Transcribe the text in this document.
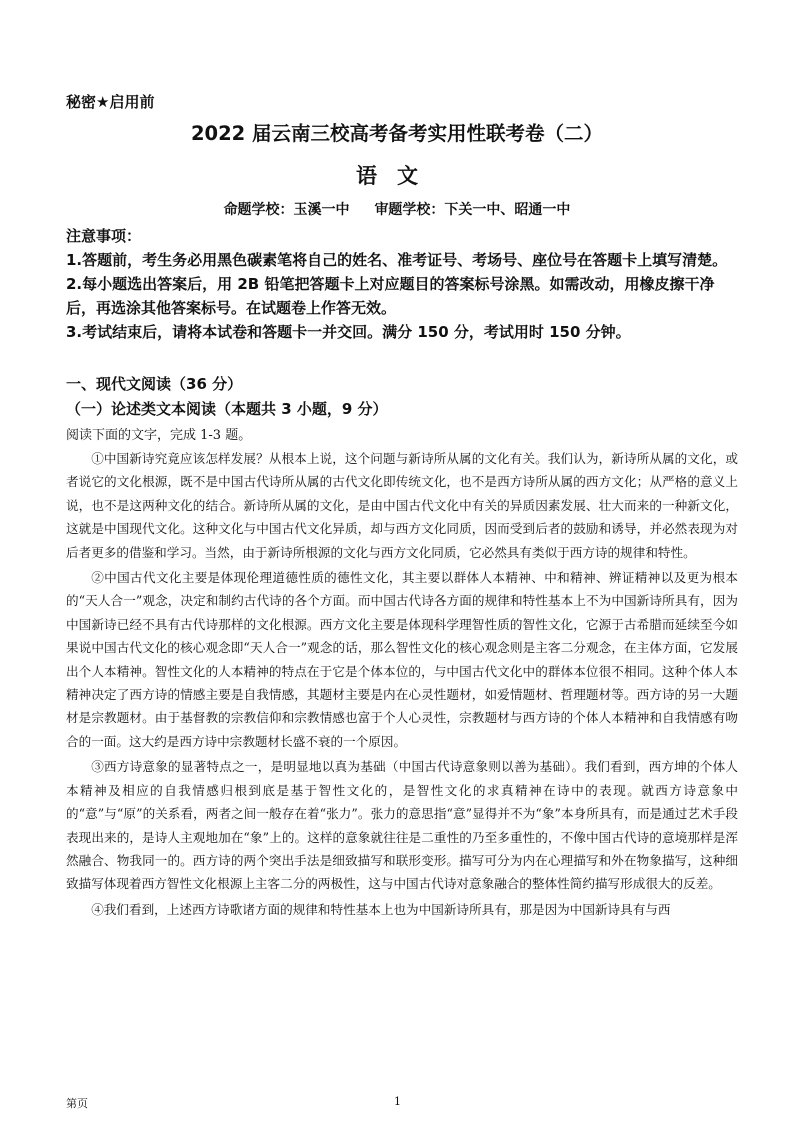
秘密★启用前
2022 届云南三校高考备考实用性联考卷（二）
语文
命题学校：玉溪一中 审题学校：下关一中、昭通一中

注意事项：

1.答题前，考生务必用黑色碳素笔将自己的姓名、准考证号、考场号、座位号在答题卡上填写清楚。

2.每小题选出答案后，用 2B 铅笔把答题卡上对应题目的答案标号涂黑。如需改动，用橡皮擦干净后，再选涂其他答案标号。在试题卷上作答无效。

3.考试结束后，请将本试卷和答题卡一并交回。满分 150 分，考试用时 150 分钟。

一、现代文阅读（36 分）
（一）论述类文本阅读（本题共 3 小题，9 分）
阅读下面的文字，完成 1-3 题。

①中国新诗究竟应该怎样发展？从根本上说，这个问题与新诗所从属的文化有关。我们认为，新诗所从属的文化，或者说它的文化根源，既不是中国古代诗所从属的古代文化即传统文化，也不是西方诗所从属的西方文化；从严格的意义上说，也不是这两种文化的结合。新诗所从属的文化，是由中国古代文化中有关的异质因素发展、壮大而来的一种新文化，这就是中国现代文化。这种文化与中国古代文化异质，却与西方文化同质，因而受到后者的鼓励和诱导，并必然表现为对后者更多的借鉴和学习。当然，由于新诗所根源的文化与西方文化同质，它必然具有类似于西方诗的规律和特性。

②中国古代文化主要是体现伦理道德性质的德性文化，其主要以群体人本精神、中和精神、辨证精神以及更为根本的“天人合一”观念，决定和制约古代诗的各个方面。而中国古代诗各方面的规律和特性基本上不为中国新诗所具有，因为中国新诗已经不具有古代诗那样的文化根源。西方文化主要是体现科学理智性质的智性文化，它源于古希腊而延续至今如果说中国古代文化的核心观念即“天人合一”观念的话，那么智性文化的核心观念则是主客二分观念，在主体方面，它发展出个人本精神。智性文化的人本精神的特点在于它是个体本位的，与中国古代文化中的群体本位很不相同。这种个体人本精神决定了西方诗的情感主要是自我情感，其题材主要是内在心灵性题材，如爱情题材、哲理题材等。西方诗的另一大题材是宗教题材。由于基督教的宗教信仰和宗教情感也富于个人心灵性，宗教题材与西方诗的个体人本精神和自我情感有吻合的一面。这大约是西方诗中宗教题材长盛不衰的一个原因。

③西方诗意象的显著特点之一，是明显地以真为基础（中国古代诗意象则以善为基础）。我们看到，西方坤的个体人本精神及相应的自我情感归根到底是基于智性文化的，是智性文化的求真精神在诗中的表现。就西方诗意象中的“意”与“原”的关系看，两者之间一般存在着“张力”。张力的意思指“意”显得并不为“象”本身所具有，而是通过艺术手段表现出来的，是诗人主观地加在“象”上的。这样的意象就往往是二重性的乃至多重性的，不像中国古代诗的意境那样是浑然融合、物我同一的。西方诗的两个突出手法是细致描写和联形变形。描写可分为内在心理描写和外在物象描写，这种细致描写体现着西方智性文化根源上主客二分的两极性，这与中国古代诗对意象融合的整体性简约描写形成很大的反差。

④我们看到，上述西方诗歌诸方面的规律和特性基本上也为中国新诗所具有，那是因为中国新诗具有与西

第页	1
